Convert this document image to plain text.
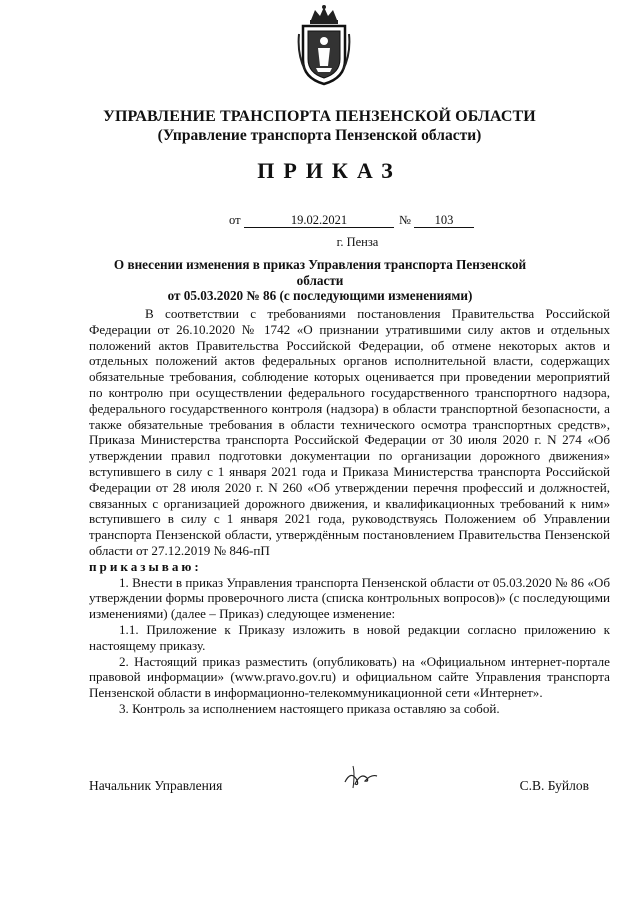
УПРАВЛЕНИЕ ТРАНСПОРТА ПЕНЗЕНСКОЙ ОБЛАСТИ
(Управление транспорта Пензенской области)
ПРИКАЗ
от	19.02.2021	№	103
г. Пенза
О внесении изменения в приказ Управления транспорта Пензенской области
от 05.03.2020 № 86 (с последующими изменениями)

В соответствии с требованиями постановления Правительства Российской Федерации от 26.10.2020 № 1742 «О признании утратившими силу актов и отдельных положений актов Правительства Российской Федерации, об отмене некоторых актов и отдельных положений актов федеральных органов исполнительной власти, содержащих обязательные требования, соблюдение которых оценивается при проведении мероприятий по контролю при осуществлении федерального государственного транспортного надзора, федерального государственного контроля (надзора) в области транспортной безопасности, а также обязательные требования в области технического осмотра транспортных средств», Приказа Министерства транспорта Российской Федерации от 30 июля 2020 г. N 274 «Об утверждении правил подготовки документации по организации дорожного движения» вступившего в силу с 1 января 2021 года и Приказа Министерства транспорта Российской Федерации от 28 июля 2020 г. N 260 «Об утверждении перечня профессий и должностей, связанных с организацией дорожного движения, и квалификационных требований к ним» вступившего в силу с 1 января 2021 года, руководствуясь Положением об Управлении транспорта Пензенской области, утверждённым постановлением Правительства Пензенской области от 27.12.2019 № 846-пП

приказываю:

1. Внести в приказ Управления транспорта Пензенской области от 05.03.2020 № 86 «Об утверждении формы проверочного листа (списка контрольных вопросов)» (с последующими изменениями) (далее – Приказ) следующее изменение:

1.1. Приложение к Приказу изложить в новой редакции согласно приложению к настоящему приказу.

2. Настоящий приказ разместить (опубликовать) на «Официальном интернет-портале правовой информации» (www.pravo.gov.ru) и официальном сайте Управления транспорта Пензенской области в информационно-телекоммуникационной сети «Интернет».

3. Контроль за исполнением настоящего приказа оставляю за собой.

Начальник Управления	С.В. Буйлов
